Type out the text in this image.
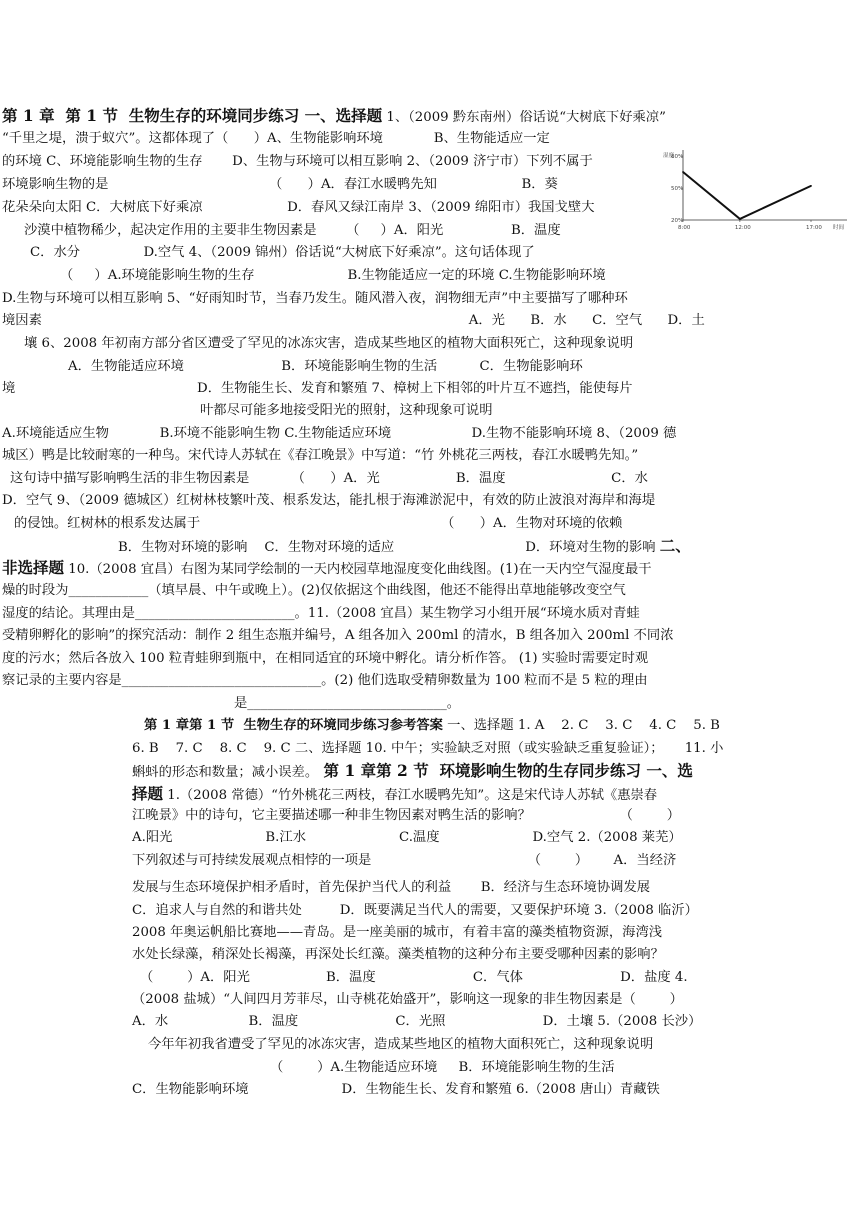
第 1 章  第 1 节  生物生存的环境同步练习 一、选择题 1、（2009 黔东南州）俗话说“大树底下好乘凉”
“千里之堤，溃于蚁穴”。这都体现了（      ）A、生物能影响环境            B、生物能适应一定
的环境 C、环境能影响生物的生存       D、生物与环境可以相互影响 2、（2009 济宁市）下列不属于
环境影响生物的是                                      （      ）A．春江水暖鸭先知                    B．葵
花朵朵向太阳 C．大树底下好乘凉                    D．春风又绿江南岸 3、（2009 绵阳市）我国戈壁大
沙漠中植物稀少，起决定作用的主要非生物因素是       （     ）A．阳光                B．温度
C．水分               D.空气 4、（2009 锦州）俗话说“大树底下好乘凉”。这句话体现了
（     ）A.环境能影响生物的生存                      B.生物能适应一定的环境 C.生物能影响环境
D.生物与环境可以相互影响 5、“好雨知时节，当春乃发生。随风潜入夜，润物细无声”中主要描写了哪种环
境因素                                                                                                     A．光      B．水      C．空气      D．土
壤 6、2008 年初南方部分省区遭受了罕见的冰冻灾害，造成某些地区的植物大面积死亡，这种现象说明
A．生物能适应环境                       B．环境能影响生物的生活          C．生物能影响环
境                                           D．生物能生长、发育和繁殖 7、樟树上下相邻的叶片互不遮挡，能使每片
叶都尽可能多地接受阳光的照射，这种现象可说明
A.环境能适应生物            B.环境不能影响生物 C.生物能适应环境                   D.生物不能影响环境 8、（2009 德
城区）鸭是比较耐寒的一种鸟。宋代诗人苏轼在《春江晚景》中写道：“竹 外桃花三两枝，春江水暖鸭先知。”
这句诗中描写影响鸭生活的非生物因素是          （      ）A．光                  B．温度                         C．水
D．空气 9、（2009 德城区）红树林枝繁叶茂、根系发达，能扎根于海滩淤泥中，有效的防止波浪对海岸和海堤
的侵蚀。红树林的根系发达属于                                                         （      ）A．生物对环境的依赖
B．生物对环境的影响    C．生物对环境的适应                               D．环境对生物的影响 二、
非选择题 10.（2008 宜昌）右图为某同学绘制的一天内校园草地湿度变化曲线图。(1)在一天内空气湿度最干
燥的时段为____________（填早晨、中午或晚上）。(2)仅依据这个曲线图，他还不能得出草地能够改变空气
湿度的结论。其理由是________________________。11.（2008 宜昌）某生物学习小组开展“环境水质对青蛙
受精卵孵化的影响”的探究活动：制作 2 组生态瓶并编号，A 组各加入 200ml 的清水，B 组各加入 200ml 不同浓
度的污水；然后各放入 100 粒青蛙卵到瓶中，在相同适宜的环境中孵化。请分析作答。 (1) 实验时需要定时观
察记录的主要内容是______________________________。(2) 他们选取受精卵数量为 100 粒而不是 5 粒的理由
是______________________________。
第 1 章第 1 节  生物生存的环境同步练习参考答案 一、选择题 1. A    2. C    3. C    4. C    5. B
6. B    7. C    8. C    9. C 二、选择题 10. 中午；实验缺乏对照（或实验缺乏重复验证）；     11. 小
蝌蚪的形态和数量；减小误差。 第 1 章第 2 节  环境影响生物的生存同步练习 一、选
择题 1.（2008 常德）“竹外桃花三两枝，春江水暖鸭先知”。这是宋代诗人苏轼《惠崇春
江晚景》中的诗句，它主要描述哪一种非生物因素对鸭生活的影响？                     （        ）
A.阳光                      B.江水                      C.温度                      D.空气 2.（2008 莱芜）
下列叙述与可持续发展观点相悖的一项是                                     （        ）      A．当经济
发展与生态环境保护相矛盾时，首先保护当代人的利益       B．经济与生态环境协调发展
C．追求人与自然的和谐共处         D．既要满足当代人的需要，又要保护环境 3.（2008 临沂）
2008 年奥运帆船比赛地——青岛。是一座美丽的城市，有着丰富的藻类植物资源，海湾浅
水处长绿藻，稍深处长褐藻，再深处长红藻。藻类植物的这种分布主要受哪种因素的影响？
（        ）A．阳光                  B．温度                       C．气体                       D．盐度 4.
（2008 盐城）“人间四月芳菲尽，山寺桃花始盛开”，影响这一现象的非生物因素是（        ）
A．水                   B．温度                       C．光照                       D．土壤 5.（2008 长沙）
今年年初我省遭受了罕见的冰冻灾害，造成某些地区的植物大面积死亡，这种现象说明
（        ）A.生物能适应环境     B．环境能影响生物的生活
C．生物能影响环境                      D．生物能生长、发育和繁殖 6.（2008 唐山）青藏铁
湿度
时间
20%
50%
80%
8:00	12:00	17:00
